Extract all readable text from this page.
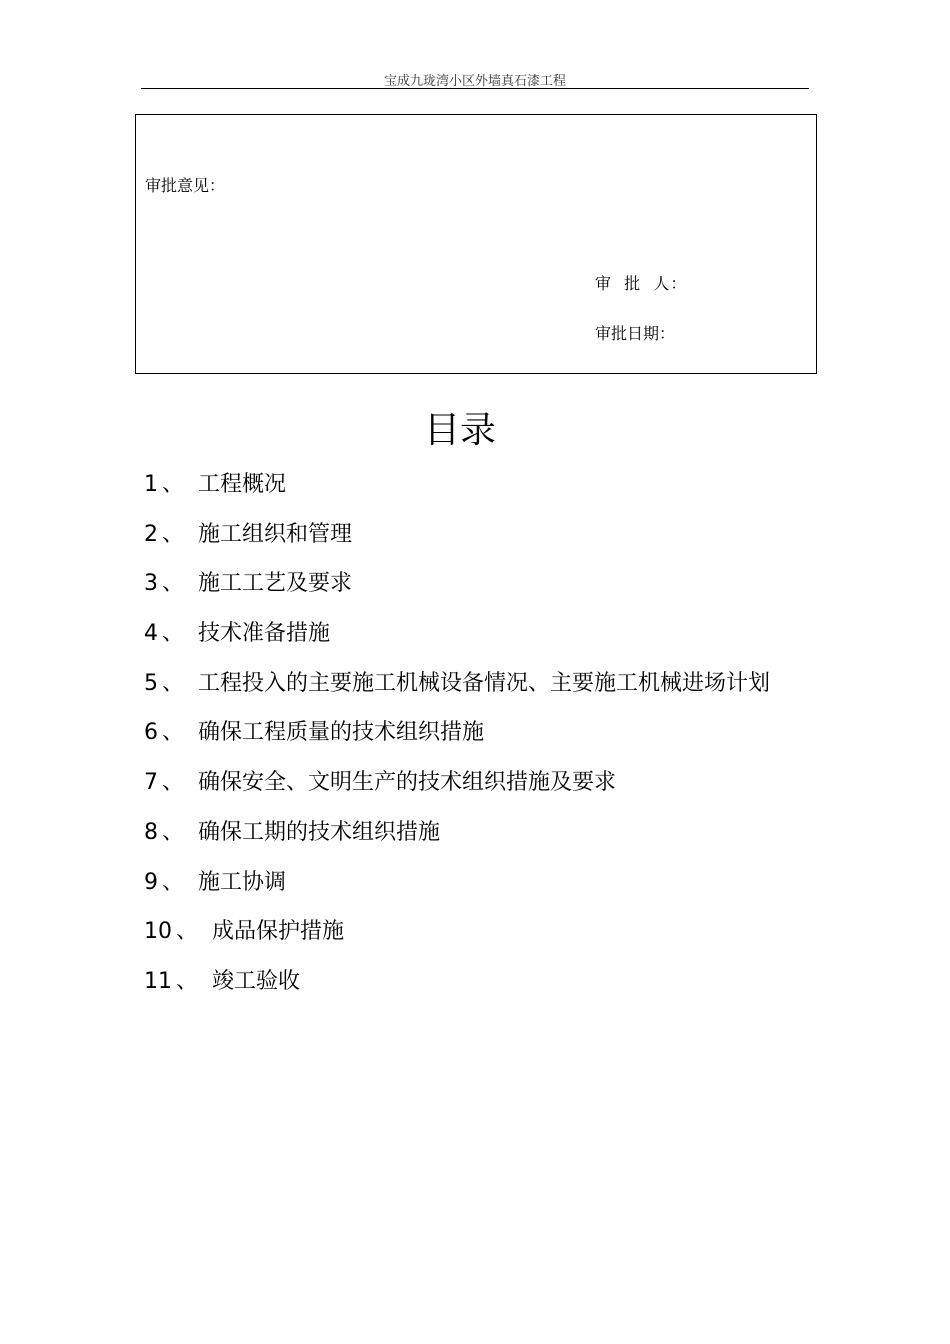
宝成九珑湾小区外墙真石漆工程
审批意见：
审  批  人：
审批日期：
目录
1 、 工程概况
2 、 施工组织和管理
3 、 施工工艺及要求
4 、 技术准备措施
5 、 工程投入的主要施工机械设备情况、主要施工机械进场计划
6 、 确保工程质量的技术组织措施
7 、 确保安全、文明生产的技术组织措施及要求
8 、 确保工期的技术组织措施
9 、 施工协调
10 、 成品保护措施
11 、 竣工验收
